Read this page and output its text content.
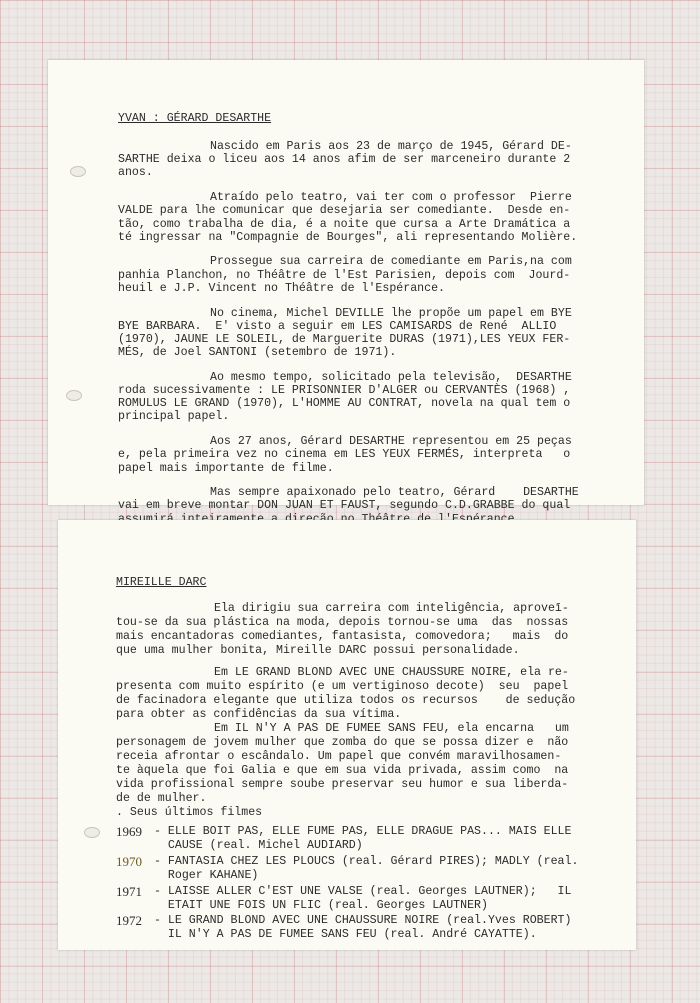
YVAN : GÉRARD DESARTHE
Nascido em Paris aos 23 de março de 1945, Gérard DE-
SARTHE deixa o liceu aos 14 anos afim de ser marceneiro durante 2
anos.
Atraído pelo teatro, vai ter com o professor  Pierre
VALDE para lhe comunicar que desejaria ser comediante.  Desde en-
tão, como trabalha de dia, é a noite que cursa a Arte Dramática a
té ingressar na "Compagnie de Bourges", ali representando Molière.
Prossegue sua carreira de comediante em Paris,na com
panhia Planchon, no Théâtre de l'Est Parisien, depois com  Jourd-
heuil e J.P. Vincent no Théâtre de l'Espérance.
No cinema, Michel DEVILLE lhe propõe um papel em BYE
BYE BARBARA.  E' visto a seguir em LES CAMISARDS de René  ALLIO
(1970), JAUNE LE SOLEIL, de Marguerite DURAS (1971),LES YEUX FER-
MÉS, de Joel SANTONI (setembro de 1971).
Ao mesmo tempo, solicitado pela televisão,  DESARTHE
roda sucessivamente : LE PRISONNIER D'ALGER ou CERVANTÈS (1968) ,
ROMULUS LE GRAND (1970), L'HOMME AU CONTRAT, novela na qual tem o
principal papel.
Aos 27 anos, Gérard DESARTHE representou em 25 peças
e, pela primeira vez no cinema em LES YEUX FERMÉS, interpreta   o
papel mais importante de filme.
Mas sempre apaixonado pelo teatro, Gérard    DESARTHE
vai em breve montar DON JUAN ET FAUST, segundo C.D.GRABBE do qual
MIREILLE DARC
Ela dirigiu sua carreira com inteligência, aproveī-
tou-se da sua plástica na moda, depois tornou-se uma  das  nossas
mais encantadoras comediantes, fantasista, comovedora;   mais  do
que uma mulher bonita, Mireille DARC possui personalidade.
Em LE GRAND BLOND AVEC UNE CHAUSSURE NOIRE, ela re-
presenta com muito espírito (e um vertiginoso decote)  seu  papel
de facinadora elegante que utiliza todos os recursos    de sedução
para obter as confidências da sua vítima.
Em IL N'Y A PAS DE FUMEE SANS FEU, ela encarna   um
personagem de jovem mulher que zomba do que se possa dizer e  não
receia afrontar o escândalo. Um papel que convém maravilhosamen-
te àquela que foi Galia e que em sua vida privada, assim como  na
vida profissional sempre soube preservar seu humor e sua liberda-
de de mulher.
. Seus últimos filmes
1969 - ELLE BOIT PAS, ELLE FUME PAS, ELLE DRAGUE PAS... MAIS ELLE
CAUSE (real. Michel AUDIARD)
1970 - FANTASIA CHEZ LES PLOUCS (real. Gérard PIRES); MADLY (real.
Roger KAHANE)
1971 - LAISSE ALLER C'EST UNE VALSE (real. Georges LAUTNER);   IL
ETAIT UNE FOIS UN FLIC (real. Georges LAUTNER)
1972 - LE GRAND BLOND AVEC UNE CHAUSSURE NOIRE (real.Yves ROBERT)
IL N'Y A PAS DE FUMEE SANS FEU (real. André CAYATTE).
